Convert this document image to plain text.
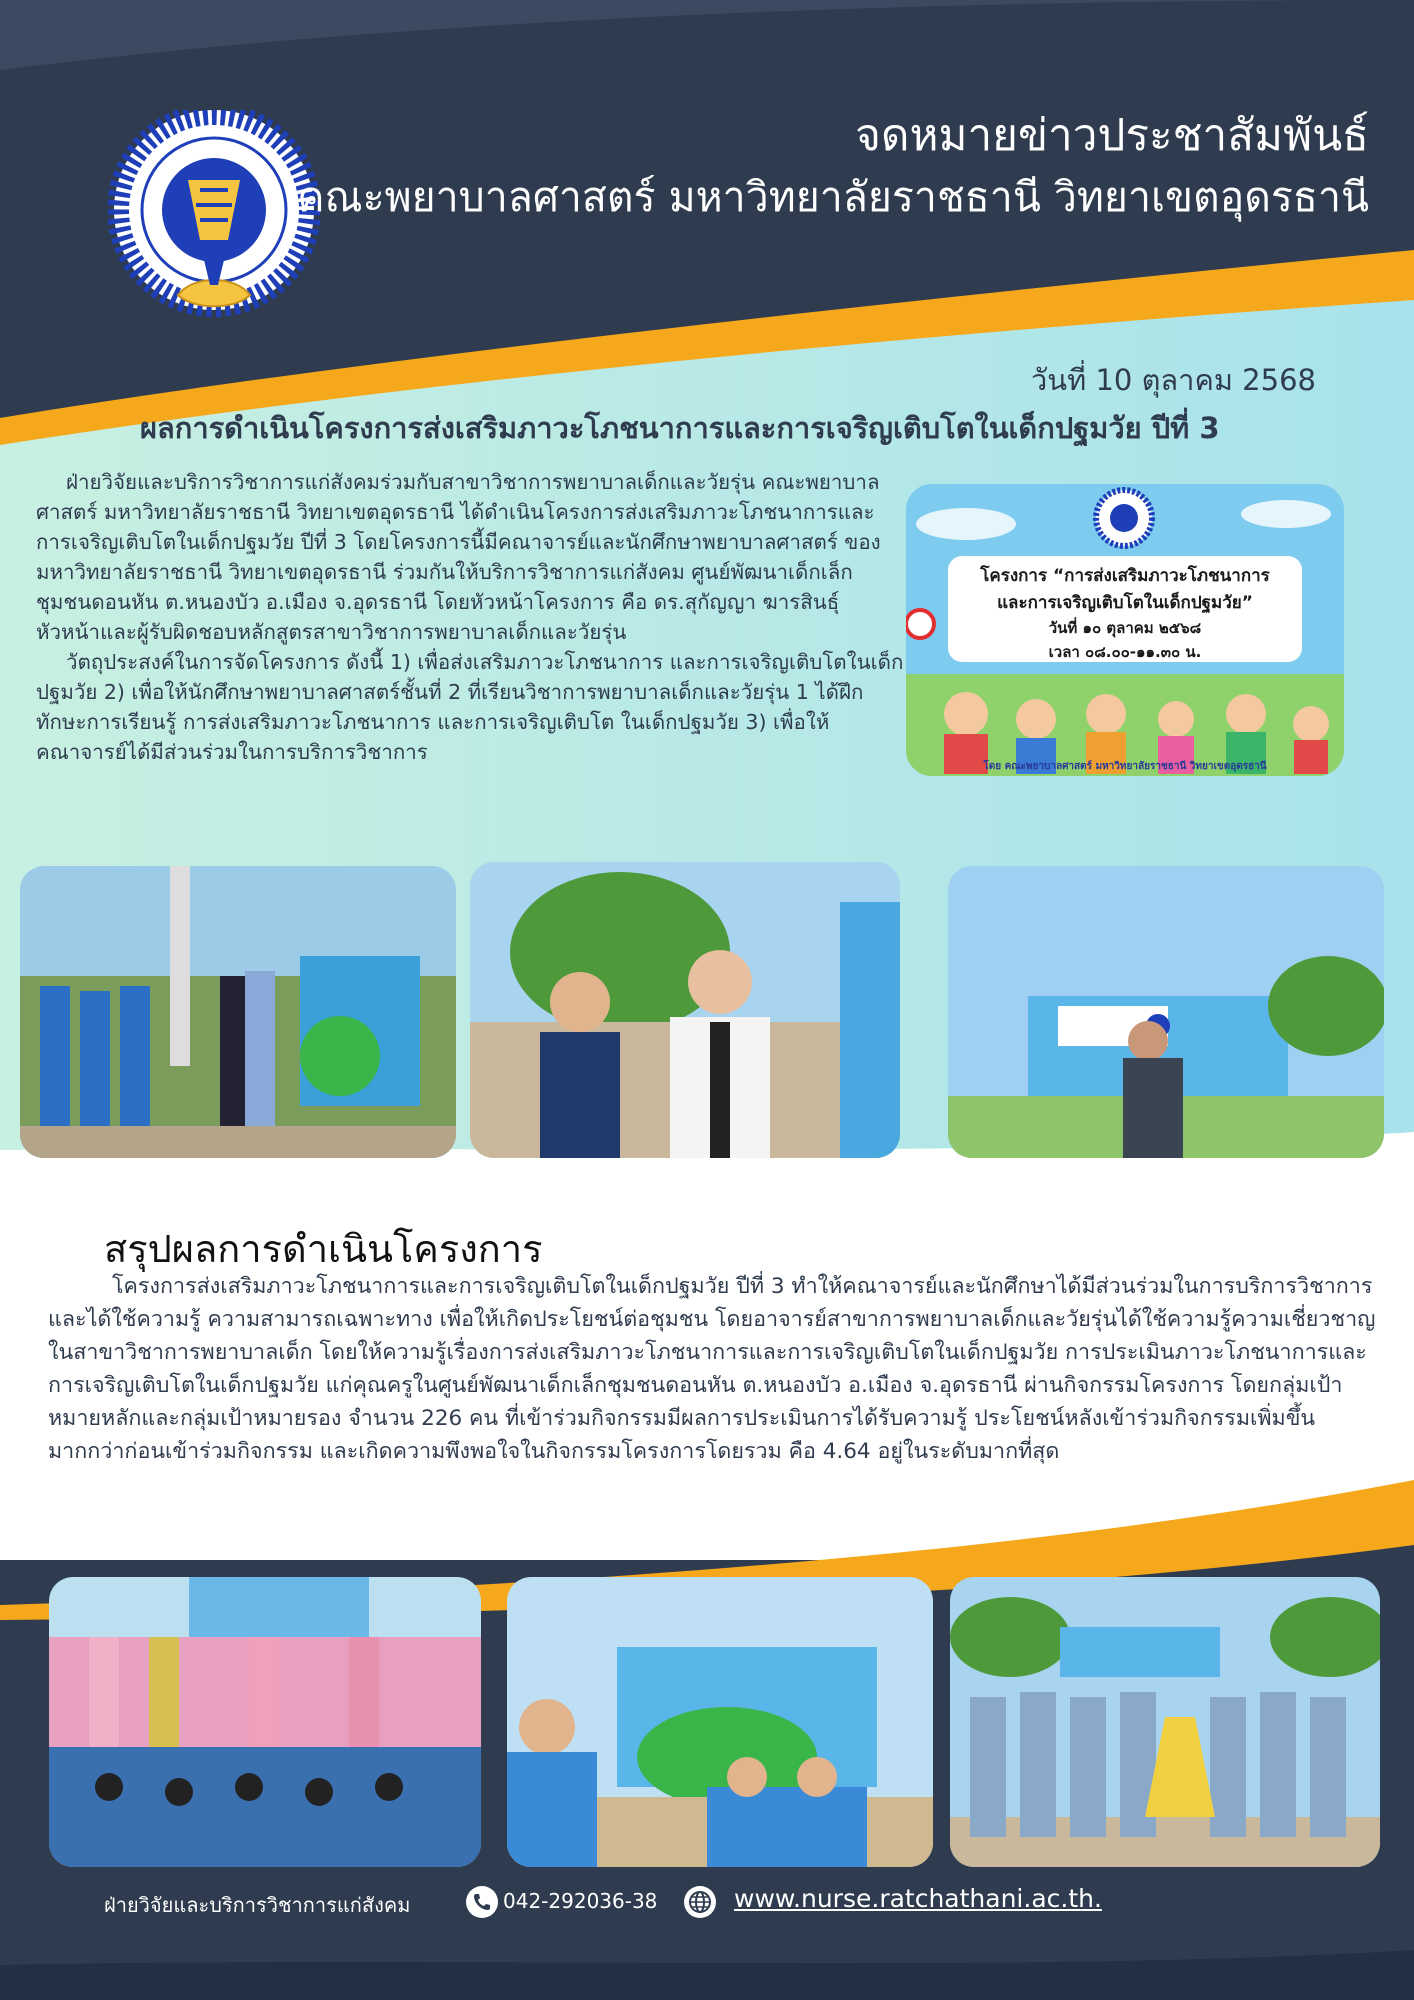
จดหมายข่าวประชาสัมพันธ์
คณะพยาบาลศาสตร์ มหาวิทยาลัยราชธานี วิทยาเขตอุดรธานี
วันที่ 10 ตุลาคม 2568
ผลการดำเนินโครงการส่งเสริมภาวะโภชนาการและการเจริญเติบโตในเด็กปฐมวัย ปีที่ 3

ฝ่ายวิจัยและบริการวิชาการแก่สังคมร่วมกับสาขาวิชาการพยาบาลเด็กและวัยรุ่น คณะพยาบาลศาสตร์ มหาวิทยาลัยราชธานี วิทยาเขตอุดรธานี ได้ดำเนินโครงการส่งเสริมภาวะโภชนาการและการเจริญเติบโตในเด็กปฐมวัย ปีที่ 3 โดยโครงการนี้มีคณาจารย์และนักศึกษาพยาบาลศาสตร์ ของมหาวิทยาลัยราชธานี วิทยาเขตอุดรธานี ร่วมกันให้บริการวิชาการแก่สังคม ศูนย์พัฒนาเด็กเล็กชุมชนดอนหัน ต.หนองบัว อ.เมือง จ.อุดรธานี โดยหัวหน้าโครงการ คือ ดร.สุกัญญา ฆารสินธุ์ หัวหน้าและผู้รับผิดชอบหลักสูตรสาขาวิชาการพยาบาลเด็กและวัยรุ่น

วัตถุประสงค์ในการจัดโครงการ ดังนี้ 1) เพื่อส่งเสริมภาวะโภชนาการ และการเจริญเติบโตในเด็กปฐมวัย 2) เพื่อให้นักศึกษาพยาบาลศาสตร์ชั้นที่ 2 ที่เรียนวิชาการพยาบาลเด็กและวัยรุ่น 1 ได้ฝึกทักษะการเรียนรู้ การส่งเสริมภาวะโภชนาการ และการเจริญเติบโต ในเด็กปฐมวัย 3) เพื่อให้คณาจารย์ได้มีส่วนร่วมในการบริการวิชาการ

โครงการ “การส่งเสริมภาวะโภชนาการ
และการเจริญเติบโตในเด็กปฐมวัย”
วันที่ ๑๐ ตุลาคม ๒๕๖๘
เวลา ๐๘.๐๐-๑๑.๓๐ น.
โดย คณะพยาบาลศาสตร์ มหาวิทยาลัยราชธานี วิทยาเขตอุดรธานี
สรุปผลการดำเนินโครงการ

โครงการส่งเสริมภาวะโภชนาการและการเจริญเติบโตในเด็กปฐมวัย ปีที่ 3 ทำให้คณาจารย์และนักศึกษาได้มีส่วนร่วมในการบริการวิชาการและได้ใช้ความรู้ ความสามารถเฉพาะทาง เพื่อให้เกิดประโยชน์ต่อชุมชน โดยอาจารย์สาขาการพยาบาลเด็กและวัยรุ่นได้ใช้ความรู้ความเชี่ยวชาญในสาขาวิชาการพยาบาลเด็ก โดยให้ความรู้เรื่องการส่งเสริมภาวะโภชนาการและการเจริญเติบโตในเด็กปฐมวัย การประเมินภาวะโภชนาการและการเจริญเติบโตในเด็กปฐมวัย แก่คุณครูในศูนย์พัฒนาเด็กเล็กชุมชนดอนหัน ต.หนองบัว อ.เมือง จ.อุดรธานี ผ่านกิจกรรมโครงการ โดยกลุ่มเป้าหมายหลักและกลุ่มเป้าหมายรอง จำนวน 226 คน ที่เข้าร่วมกิจกรรมมีผลการประเมินการได้รับความรู้ ประโยชน์หลังเข้าร่วมกิจกรรมเพิ่มขึ้นมากกว่าก่อนเข้าร่วมกิจกรรม และเกิดความพึงพอใจในกิจกรรมโครงการโดยรวม คือ 4.64 อยู่ในระดับมากที่สุด

ฝ่ายวิจัยและบริการวิชาการแก่สังคม	042-292036-38	www.nurse.ratchathani.ac.th.
